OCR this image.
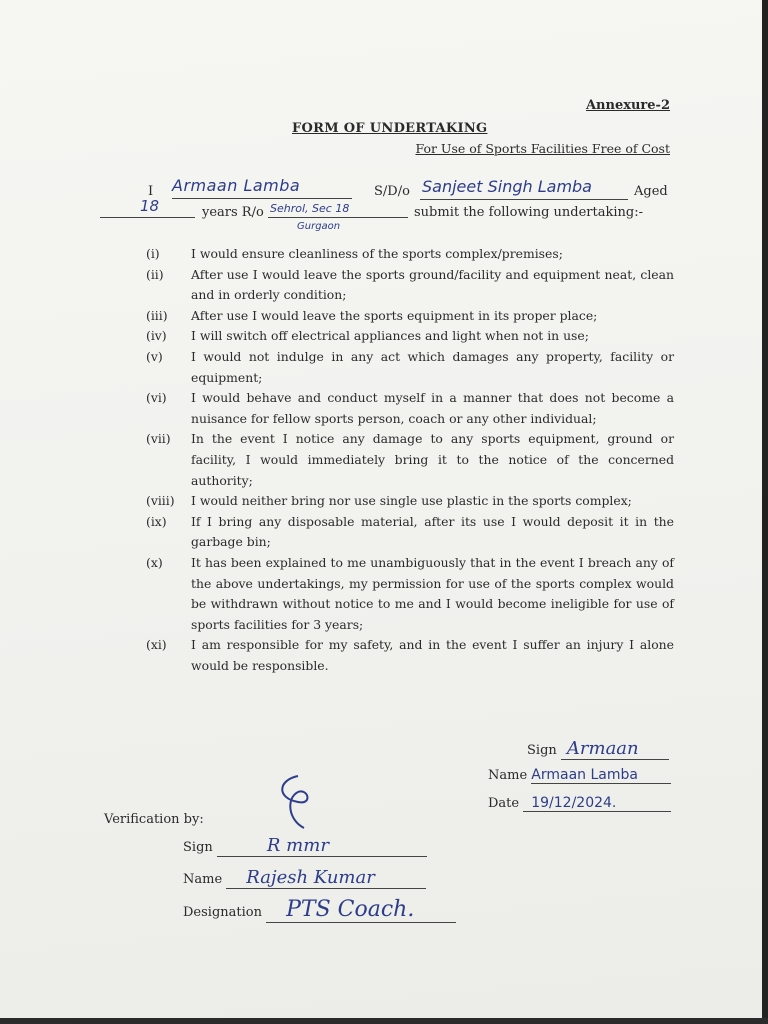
Annexure-2
FORM OF UNDERTAKING
For Use of Sports Facilities Free of Cost
I Armaan Lamba	S/D/o Sanjeet Singh Lamba	Aged
18	years R/o Sehrol, Sec 18
Gurgaon
submit the following undertaking:-
(i)	I would ensure cleanliness of the sports complex/premises;
(ii)	After use I would leave the sports ground/facility and equipment neat, clean and in orderly condition;
(iii)	After use I would leave the sports equipment in its proper place;
(iv)	I will switch off electrical appliances and light when not in use;
(v)	I would not indulge in any act which damages any property, facility or equipment;
(vi)	I would behave and conduct myself in a manner that does not become a nuisance for fellow sports person, coach or any other individual;
(vii)	In the event I notice any damage to any sports equipment, ground or facility, I would immediately bring it to the notice of the concerned authority;
(viii)	I would neither bring nor use single use plastic in the sports complex;
(ix)	If I bring any disposable material, after its use I would deposit it in the garbage bin;
(x)	It has been explained to me unambiguously that in the event I breach any of the above undertakings, my permission for use of the sports complex would be withdrawn without notice to me and I would become ineligible for use of sports facilities for 3 years;
(xi)	I am responsible for my safety, and in the event I suffer an injury I alone would be responsible.
Sign Armaan
Name Armaan Lamba
Date 19/12/2024.
Verification by:
Sign	R mmr
Name Rajesh Kumar
Designation PTS Coach.
